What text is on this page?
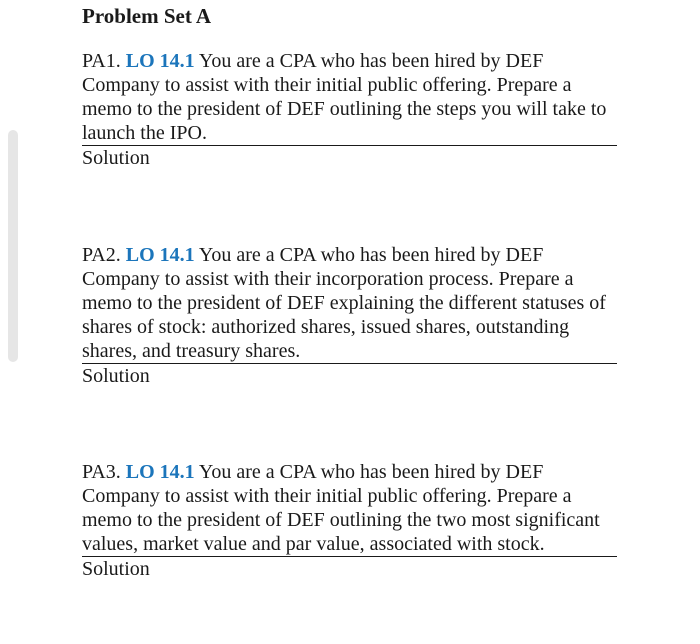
Problem Set A

PA1. LO 14.1 You are a CPA who has been hired by DEF Company to assist with their initial public offering. Prepare a memo to the president of DEF outlining the steps you will take to launch the IPO.

Solution

PA2. LO 14.1 You are a CPA who has been hired by DEF Company to assist with their incorporation process. Prepare a memo to the president of DEF explaining the different statuses of shares of stock: authorized shares, issued shares, outstanding shares, and treasury shares.

Solution

PA3. LO 14.1 You are a CPA who has been hired by DEF Company to assist with their initial public offering. Prepare a memo to the president of DEF outlining the two most significant values, market value and par value, associated with stock.

Solution
